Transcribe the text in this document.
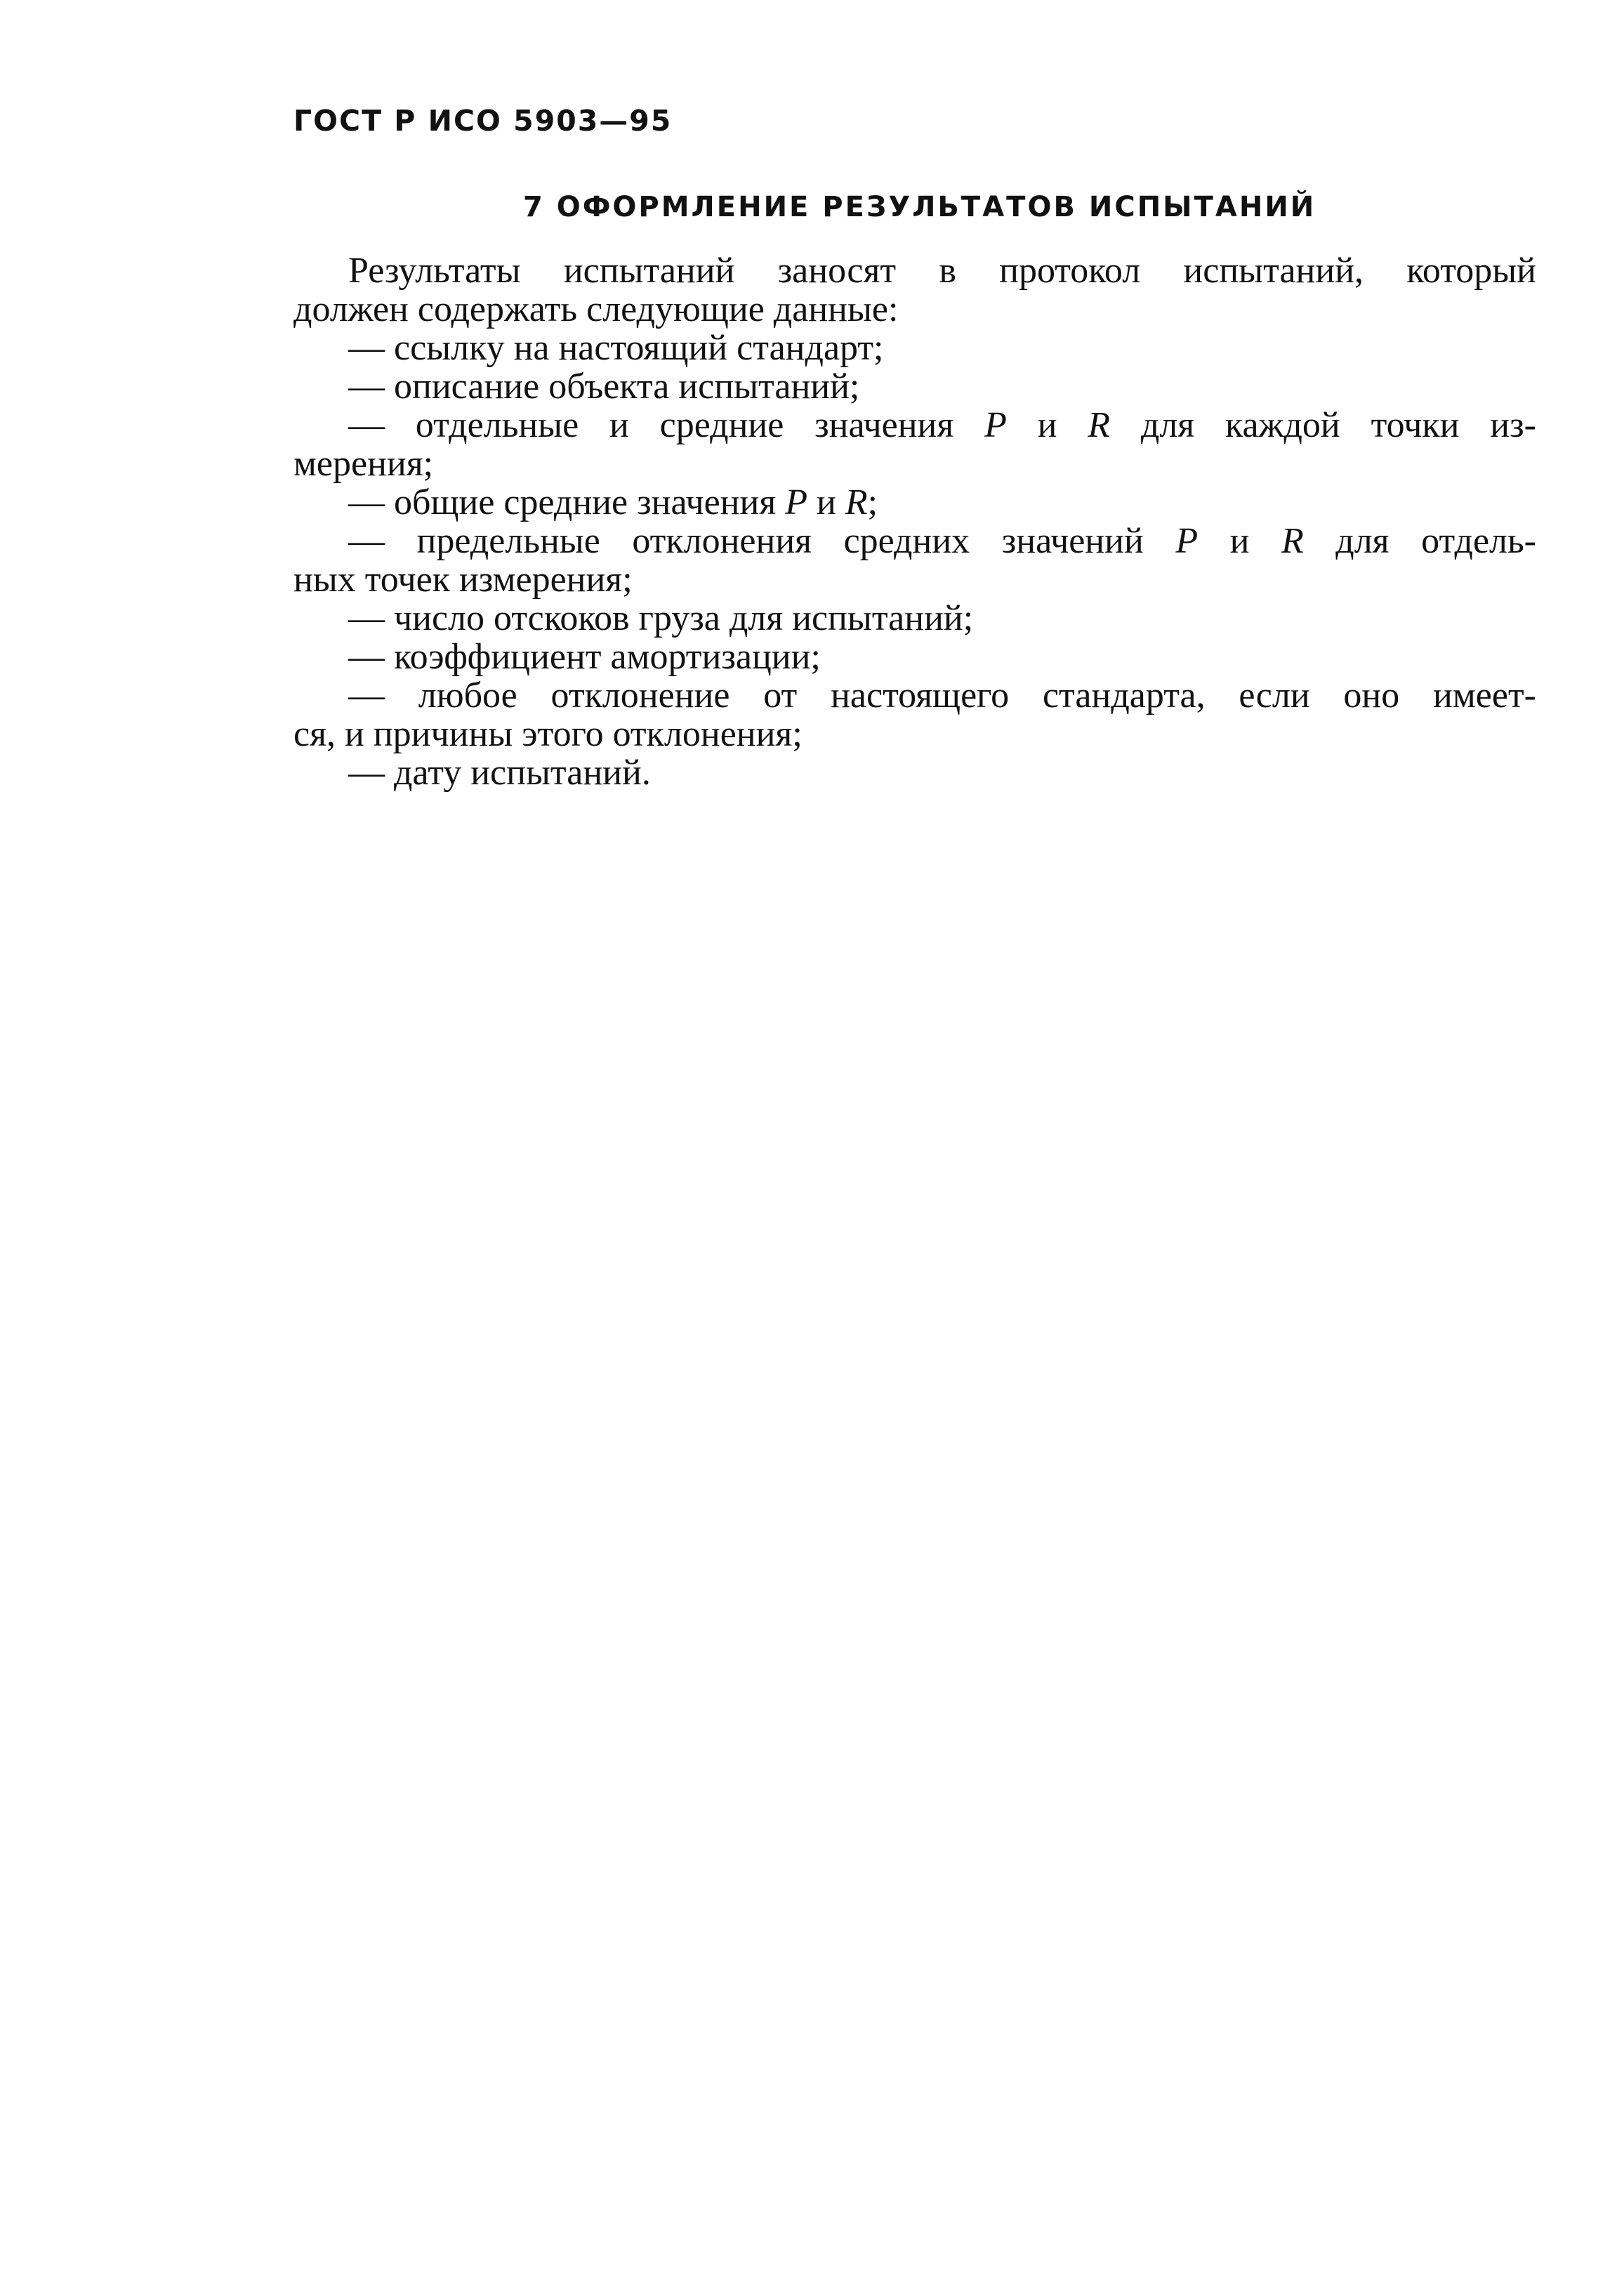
ГОСТ Р ИСО 5903—95
7 ОФОРМЛЕНИЕ РЕЗУЛЬТАТОВ ИСПЫТАНИЙ
Результаты испытаний заносят в протокол испытаний, который
должен содержать следующие данные:
— ссылку на настоящий стандарт;
— описание объекта испытаний;
— отдельные и средние значения P и R для каждой точки из-
мерения;
— общие средние значения P и R;
— предельные отклонения средних значений P и R для отдель-
ных точек измерения;
— число отскоков груза для испытаний;
— коэффициент амортизации;
— любое отклонение от настоящего стандарта, если оно имеет-
ся, и причины этого отклонения;
— дату испытаний.
